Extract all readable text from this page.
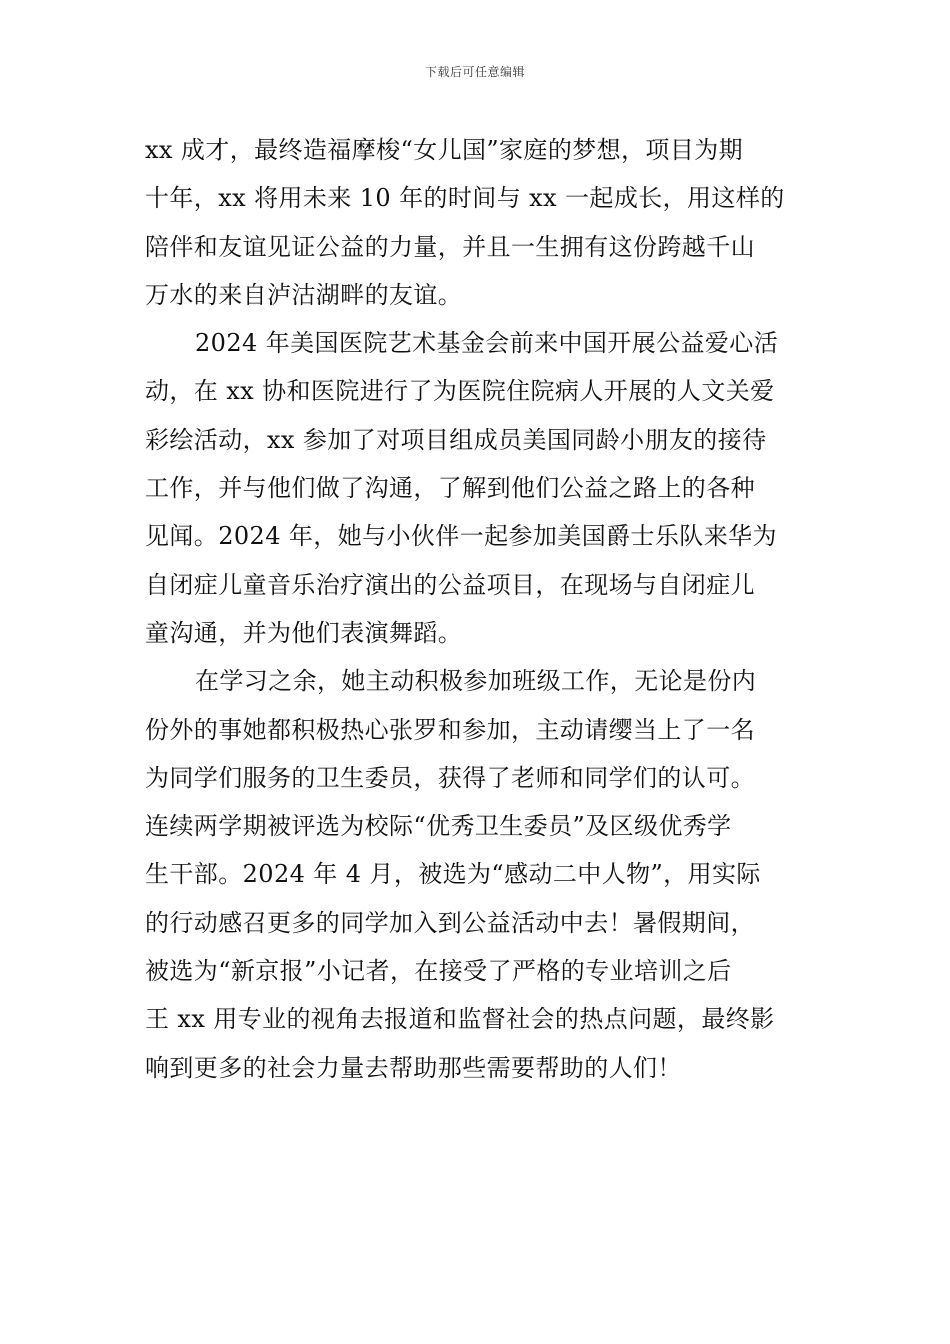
下载后可任意编辑
xx 成才，最终造福摩梭“女儿国”家庭的梦想，项目为期
十年，xx 将用未来 10 年的时间与 xx 一起成长，用这样的
陪伴和友谊见证公益的力量，并且一生拥有这份跨越千山
万水的来自泸沽湖畔的友谊。
2024 年美国医院艺术基金会前来中国开展公益爱心活
动，在 xx 协和医院进行了为医院住院病人开展的人文关爱
彩绘活动，xx 参加了对项目组成员美国同龄小朋友的接待
工作，并与他们做了沟通，了解到他们公益之路上的各种
见闻。2024 年，她与小伙伴一起参加美国爵士乐队来华为
自闭症儿童音乐治疗演出的公益项目，在现场与自闭症儿
童沟通，并为他们表演舞蹈。
在学习之余，她主动积极参加班级工作，无论是份内
份外的事她都积极热心张罗和参加，主动请缨当上了一名
为同学们服务的卫生委员，获得了老师和同学们的认可。
连续两学期被评选为校际“优秀卫生委员”及区级优秀学
生干部。2024 年 4 月，被选为“感动二中人物”，用实际
的行动感召更多的同学加入到公益活动中去！暑假期间，
被选为“新京报”小记者，在接受了严格的专业培训之后
王 xx 用专业的视角去报道和监督社会的热点问题，最终影
响到更多的社会力量去帮助那些需要帮助的人们！
